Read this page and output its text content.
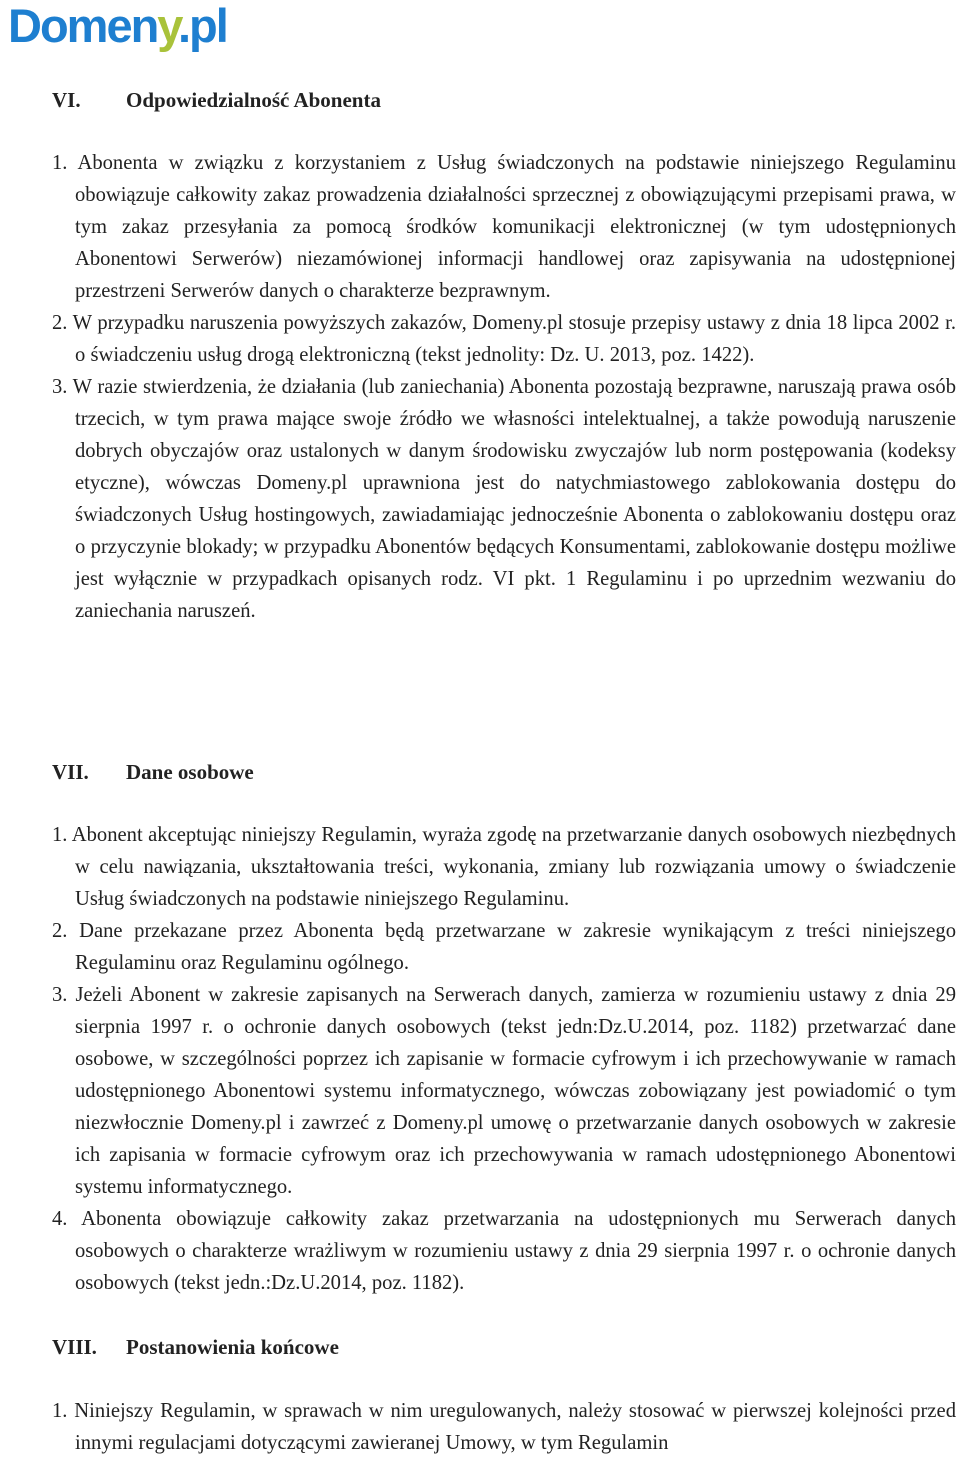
Domeny.pl
VI.	Odpowiedzialność Abonenta
1. Abonenta w związku z korzystaniem z Usług świadczonych na podstawie niniejszego Regulaminu obowiązuje całkowity zakaz prowadzenia działalności sprzecznej z obowiązującymi przepisami prawa, w tym zakaz przesyłania za pomocą środków komunikacji elektronicznej (w tym udostępnionych Abonentowi Serwerów) niezamówionej informacji handlowej oraz zapisywania na udostępnionej przestrzeni Serwerów danych o charakterze bezprawnym.
2. W przypadku naruszenia powyższych zakazów, Domeny.pl stosuje przepisy ustawy z dnia 18 lipca 2002 r. o świadczeniu usług drogą elektroniczną (tekst jednolity: Dz. U. 2013, poz. 1422).
3. W razie stwierdzenia, że działania (lub zaniechania) Abonenta pozostają bezprawne, naruszają prawa osób trzecich, w tym prawa mające swoje źródło we własności intelektualnej, a także powodują naruszenie dobrych obyczajów oraz ustalonych w danym środowisku zwyczajów lub norm postępowania (kodeksy etyczne), wówczas Domeny.pl uprawniona jest do natychmiastowego zablokowania dostępu do świadczonych Usług hostingowych, zawiadamiając jednocześnie Abonenta o zablokowaniu dostępu oraz o przyczynie blokady; w przypadku Abonentów będących Konsumentami, zablokowanie dostępu możliwe jest wyłącznie w przypadkach opisanych rodz. VI pkt. 1 Regulaminu i po uprzednim wezwaniu do zaniechania naruszeń.
VII.	Dane osobowe
1. Abonent akceptując niniejszy Regulamin, wyraża zgodę na przetwarzanie danych osobowych niezbędnych w celu nawiązania, ukształtowania treści, wykonania, zmiany lub rozwiązania umowy o świadczenie Usług świadczonych na podstawie niniejszego Regulaminu.
2. Dane przekazane przez Abonenta będą przetwarzane w zakresie wynikającym z treści niniejszego Regulaminu oraz Regulaminu ogólnego.
3. Jeżeli Abonent w zakresie zapisanych na Serwerach danych, zamierza w rozumieniu ustawy z dnia 29 sierpnia 1997 r. o ochronie danych osobowych (tekst jedn:Dz.U.2014, poz. 1182) przetwarzać dane osobowe, w szczególności poprzez ich zapisanie w formacie cyfrowym i ich przechowywanie w ramach udostępnionego Abonentowi systemu informatycznego, wówczas zobowiązany jest powiadomić o tym niezwłocznie Domeny.pl i zawrzeć z Domeny.pl umowę o przetwarzanie danych osobowych w zakresie ich zapisania w formacie cyfrowym oraz ich przechowywania w ramach udostępnionego Abonentowi systemu informatycznego.
4. Abonenta obowiązuje całkowity zakaz przetwarzania na udostępnionych mu Serwerach danych osobowych o charakterze wrażliwym w rozumieniu ustawy z dnia 29 sierpnia 1997 r. o ochronie danych osobowych (tekst jedn.:Dz.U.2014, poz. 1182).
VIII.	Postanowienia końcowe
1. Niniejszy Regulamin, w sprawach w nim uregulowanych, należy stosować w pierwszej kolejności przed innymi regulacjami dotyczącymi zawieranej Umowy, w tym Regulamin
